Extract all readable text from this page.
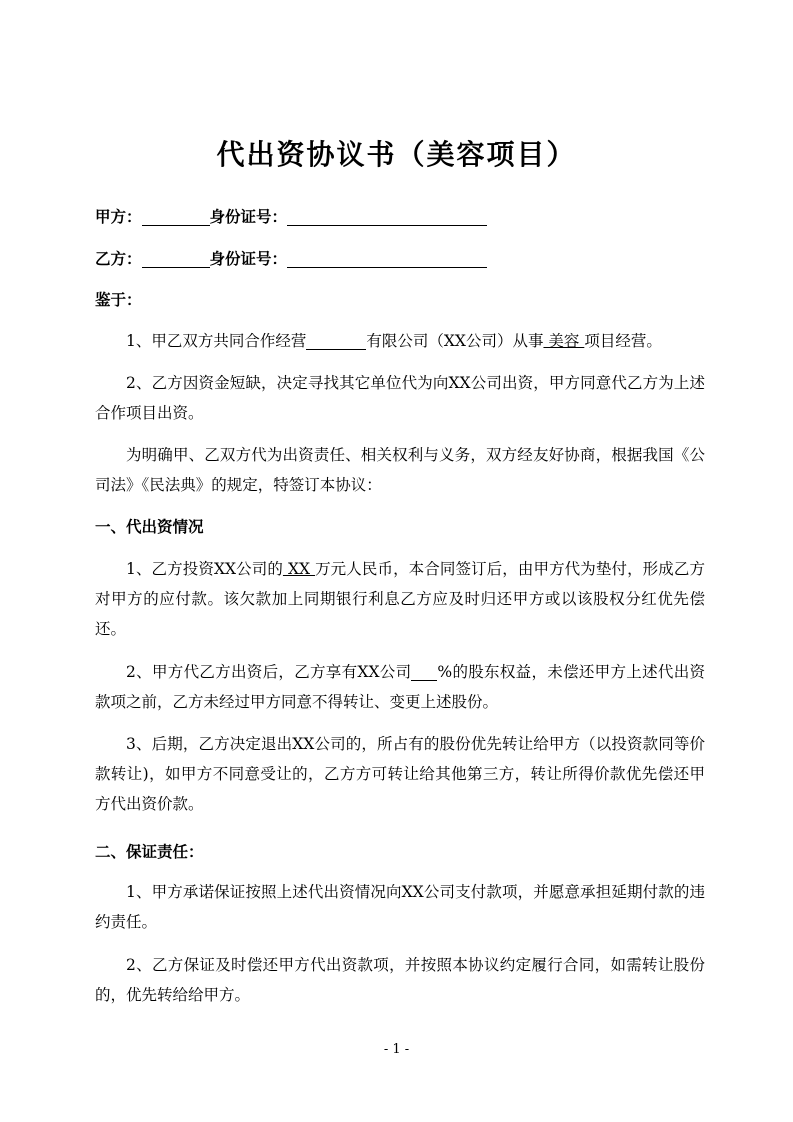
代出资协议书（美容项目）
甲方：	身份证号：
乙方：	身份证号：
鉴于：
1、甲乙双方共同合作经营	有限公司（XX公司）从事 美容 项目经营。
2、乙方因资金短缺，决定寻找其它单位代为向XX公司出资，甲方同意代乙方为上述合作项目出资。
为明确甲、乙双方代为出资责任、相关权利与义务，双方经友好协商，根据我国《公司法》《民法典》的规定，特签订本协议：
一、代出资情况
1、乙方投资XX公司的 XX 万元人民币，本合同签订后，由甲方代为垫付，形成乙方对甲方的应付款。该欠款加上同期银行利息乙方应及时归还甲方或以该股权分红优先偿还。
2、甲方代乙方出资后，乙方享有XX公司 %的股东权益，未偿还甲方上述代出资款项之前，乙方未经过甲方同意不得转让、变更上述股份。
3、后期，乙方决定退出XX公司的，所占有的股份优先转让给甲方（以投资款同等价款转让)，如甲方不同意受让的，乙方方可转让给其他第三方，转让所得价款优先偿还甲方代出资价款。
二、保证责任：
1、甲方承诺保证按照上述代出资情况向XX公司支付款项，并愿意承担延期付款的违约责任。
2、乙方保证及时偿还甲方代出资款项，并按照本协议约定履行合同，如需转让股份的，优先转给给甲方。
- 1 -
